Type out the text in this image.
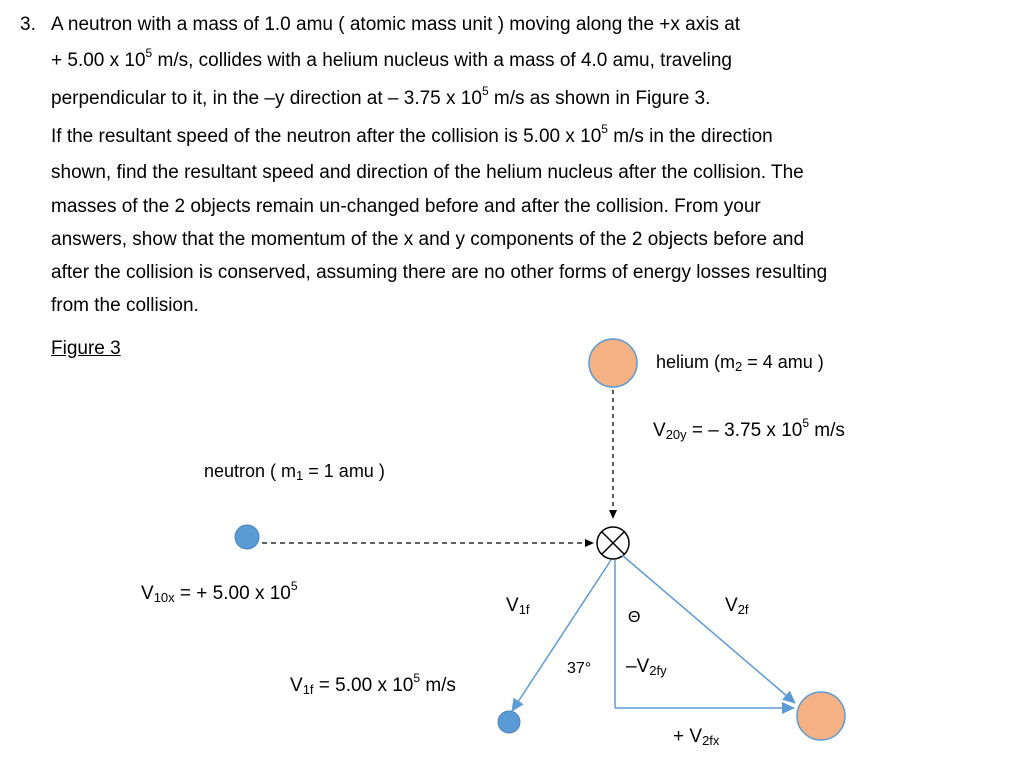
3. A neutron with a mass of 1.0 amu ( atomic mass unit ) moving along the +x axis at
+ 5.00 x $10^5$ m/s, collides with a helium nucleus with a mass of 4.0 amu, traveling
perpendicular to it, in the –y direction at – 3.75 x $10^5$ m/s as shown in Figure 3.
If the resultant speed of the neutron after the collision is 5.00 x $10^5$ m/s in the direction
shown, find the resultant speed and direction of the helium nucleus after the collision. The
masses of the 2 objects remain un-changed before and after the collision. From your
answers, show that the momentum of the x and y components of the 2 objects before and
after the collision is conserved, assuming there are no other forms of energy losses resulting
from the collision.
Figure 3
helium ($m_2 = 4$ amu )
$V_{20y}$ = – 3.75 x $10^5$ m/s
neutron ( $m_1 = 1$ amu )
$V_{10x}$ = + 5.00 x $10^5$
$V_{1f}$	$V_{2f}$
Θ
37° $-V_{2fy}$
$V_{1f} = 5.00$ x $10^5$ m/s
+ $V_{2fx}$
